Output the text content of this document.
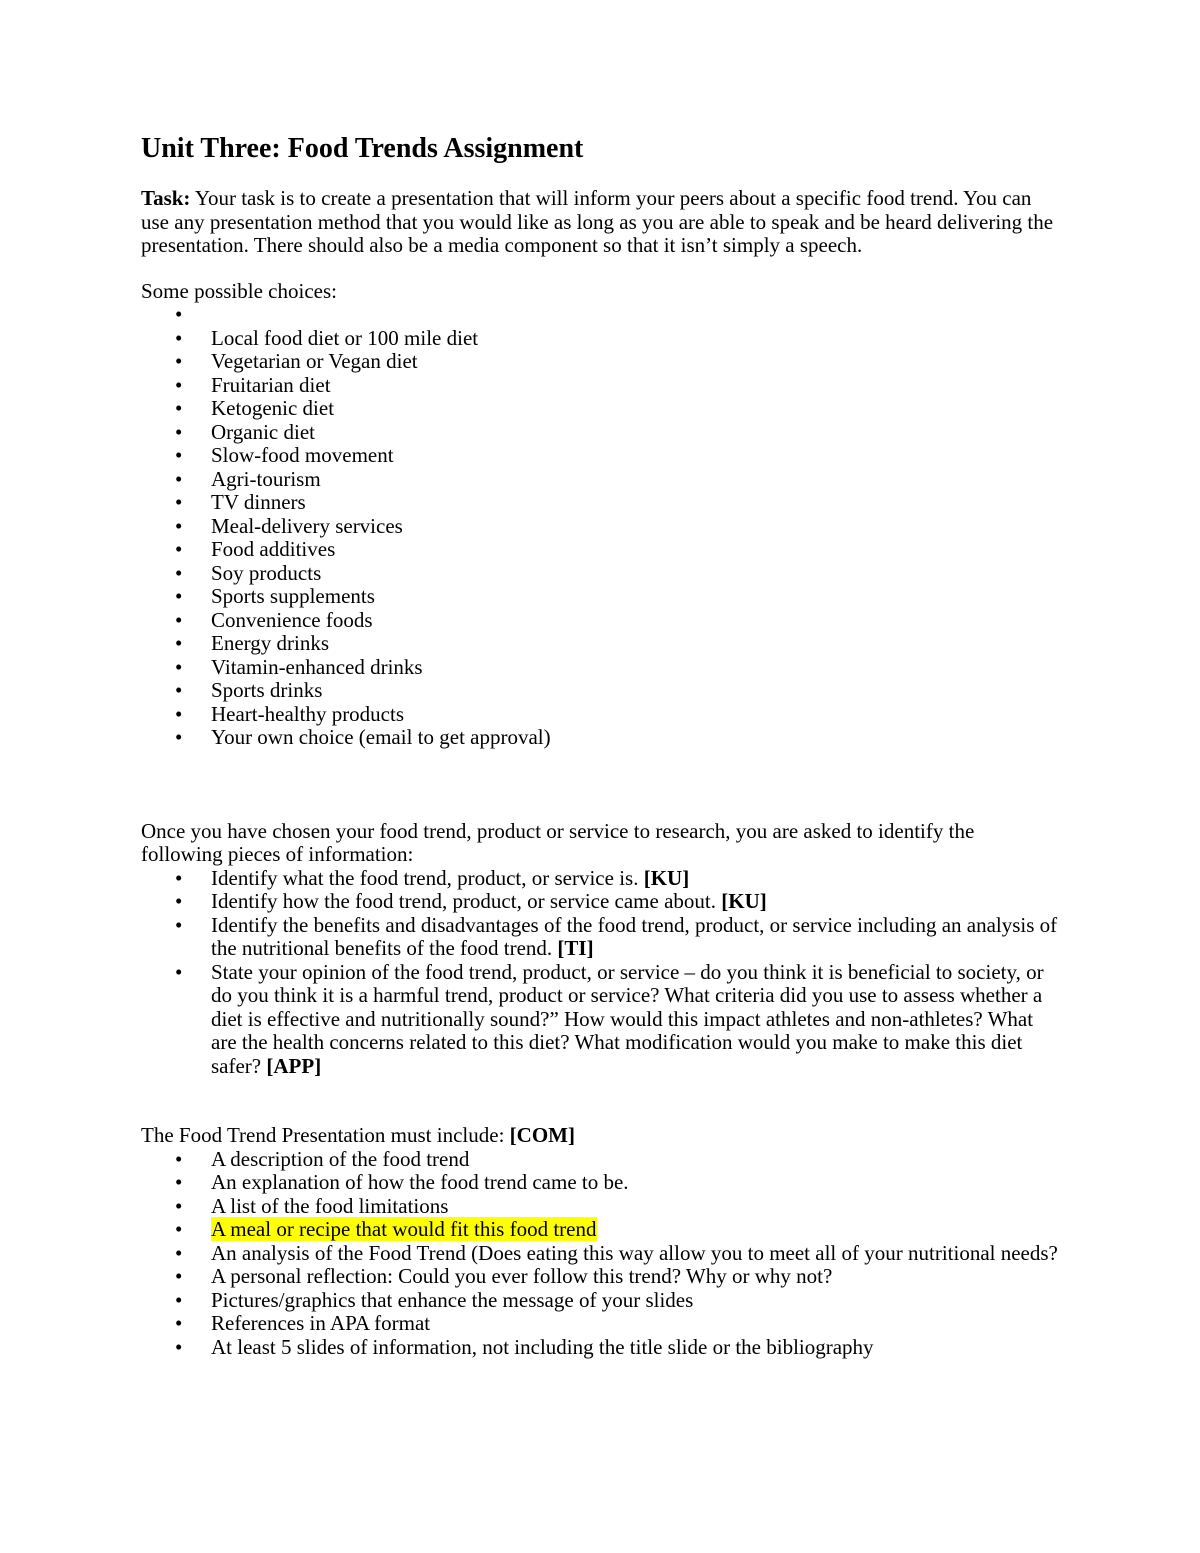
Unit Three: Food Trends Assignment

Task: Your task is to create a presentation that will inform your peers about a specific food trend. You can use any presentation method that you would like as long as you are able to speak and be heard delivering the presentation. There should also be a media component so that it isn’t simply a speech.

Some possible choices:

•
• Local food diet or 100 mile diet
• Vegetarian or Vegan diet
• Fruitarian diet
• Ketogenic diet
• Organic diet
• Slow-food movement
• Agri-tourism
• TV dinners
• Meal-delivery services
• Food additives
• Soy products
• Sports supplements
• Convenience foods
• Energy drinks
• Vitamin-enhanced drinks
• Sports drinks
• Heart-healthy products
• Your own choice (email to get approval)

Once you have chosen your food trend, product or service to research, you are asked to identify the following pieces of information:

• Identify what the food trend, product, or service is. [KU]
• Identify how the food trend, product, or service came about. [KU]
• Identify the benefits and disadvantages of the food trend, product, or service including an analysis of the nutritional benefits of the food trend. [TI]
• State your opinion of the food trend, product, or service – do you think it is beneficial to society, or do you think it is a harmful trend, product or service? What criteria did you use to assess whether a diet is effective and nutritionally sound?” How would this impact athletes and non-athletes? What are the health concerns related to this diet? What modification would you make to make this diet safer? [APP]

The Food Trend Presentation must include: [COM]

• A description of the food trend
• An explanation of how the food trend came to be.
• A list of the food limitations
• A meal or recipe that would fit this food trend
• An analysis of the Food Trend (Does eating this way allow you to meet all of your nutritional needs?
• A personal reflection: Could you ever follow this trend? Why or why not?
• Pictures/graphics that enhance the message of your slides
• References in APA format
• At least 5 slides of information, not including the title slide or the bibliography
